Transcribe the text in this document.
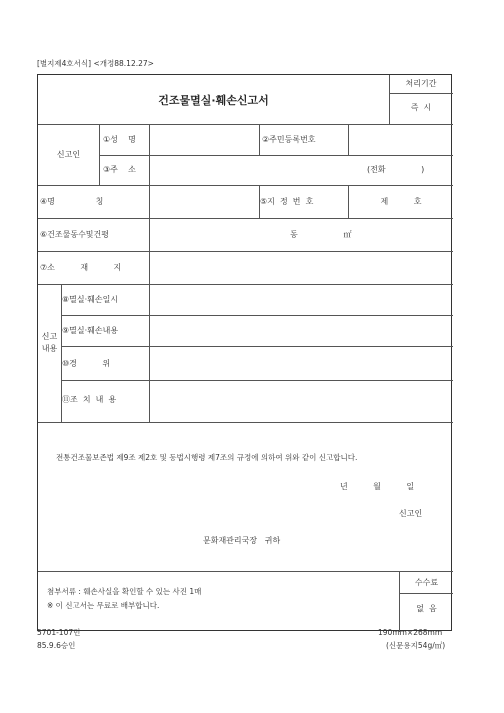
[별지제4호서식] <개정88.12.27>
처리기간
즉  시
건조물멸실·훼손신고서
신고인
①성    명	②주민등록번호
③주    소	(전화              )
④명                칭	⑤지  정  번  호	제          호
⑥건조물동수및건평	동                  ㎡
⑦소          재          지
신고
내용
⑧멸실·훼손일시
⑨멸실·훼손내용
⑩경          위
⑪조  치  내  용
전통건조물보존법 제9조 제2호 및 동법시행령 제7조의 규정에 의하여 위와 같이 신고합니다.
년          월          일
신고인
문화재관리국장   귀하
첨부서류 : 훼손사실을 확인할 수 있는 사진 1매
※ 이 신고서는 무료로 배부합니다.
수수료
없  음
5701-107민
85.9.6승인
190mm×268mm
(신문용지54g/㎡)
